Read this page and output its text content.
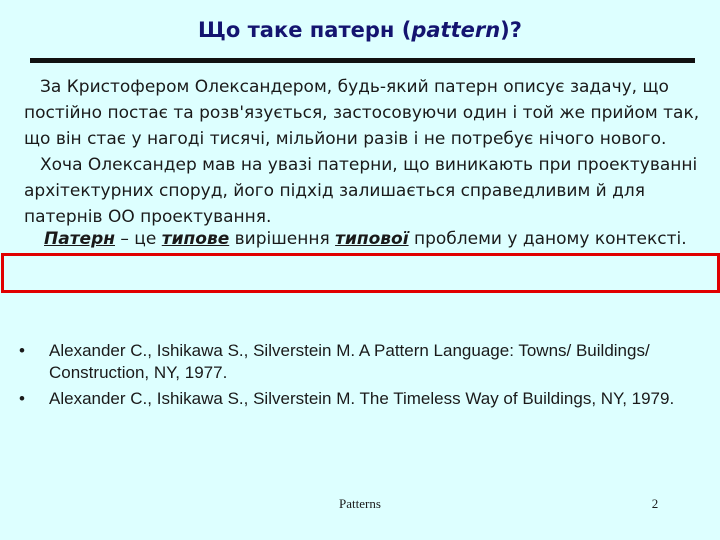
Що таке патерн (pattern)?
За Кристофером Олександером, будь-який патерн описує задачу, що постійно постає та розв'язується, застосовуючи один і той же прийом так, що він стає у нагоді тисячі, мільйони разів і не потребує нічого нового.
Хоча Олександер мав на увазі патерни, що виникають при проектуванні архітектурних споруд, його підхід залишається справедливим й для патернів ОО проектування.
Патерн – це типове вирішення типової проблеми у даному контексті.
• Alexander C., Ishikawa S., Silverstein M. A Pattern Language: Towns/ Buildings/ Construction, NY, 1977.
• Alexander C., Ishikawa S., Silverstein M. The Timeless Way of Buildings, NY, 1979.
Patterns	2
